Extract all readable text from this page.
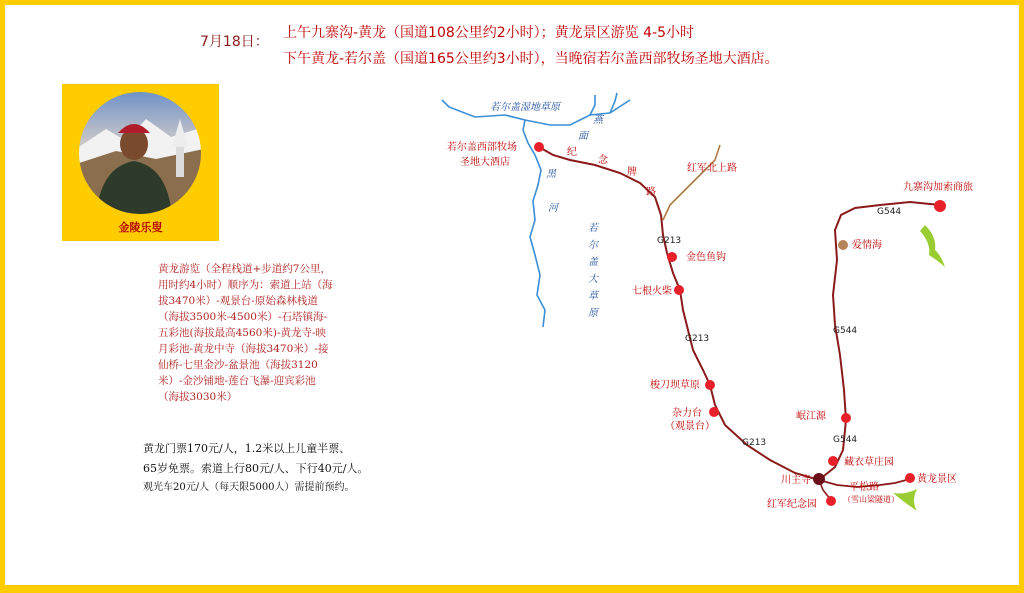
7月18日：
上午九寨沟-黄龙（国道108公里约2小时）；黄龙景区游览 4-5小时
下午黄龙-若尔盖（国道165公里约3小时），当晚宿若尔盖西部牧场圣地大酒店。
金陵乐叟
黄龙游览（全程栈道+步道约7公里，用时约4小时）顺序为：索道上站（海拔3470米）-观景台-原始森林栈道（海拔3500米-4500米）-石塔镇海-五彩池(海拔最高4560米)-黄龙寺-映月彩池-黄龙中寺（海拔3470米）-接仙桥-七里金沙-盆景池（海拔3120米）-金沙铺地-莲台飞瀑-迎宾彩池（海拔3030米）
黄龙门票170元/人，1.2米以上儿童半票、
65岁免票。索道上行80元/人、下行40元/人。
观光车20元/人（每天限5000人）需提前预约。
若尔盖湿地草原
燕
面
纪
念
牌
路
黑
河
若
尔
盖
大
草
原
红军北上路
G213
G213
G213
G544
G544
G544
若尔盖西部牧场
圣地大酒店
金色鱼钩
七根火柴
梭刀坝草原
杂力台
（观景台）
川主寺
红军纪念园
平松路
（雪山梁隧道）
黄龙景区
藏衣草庄园
岷江源
爱情海
九寨沟加索商旅
